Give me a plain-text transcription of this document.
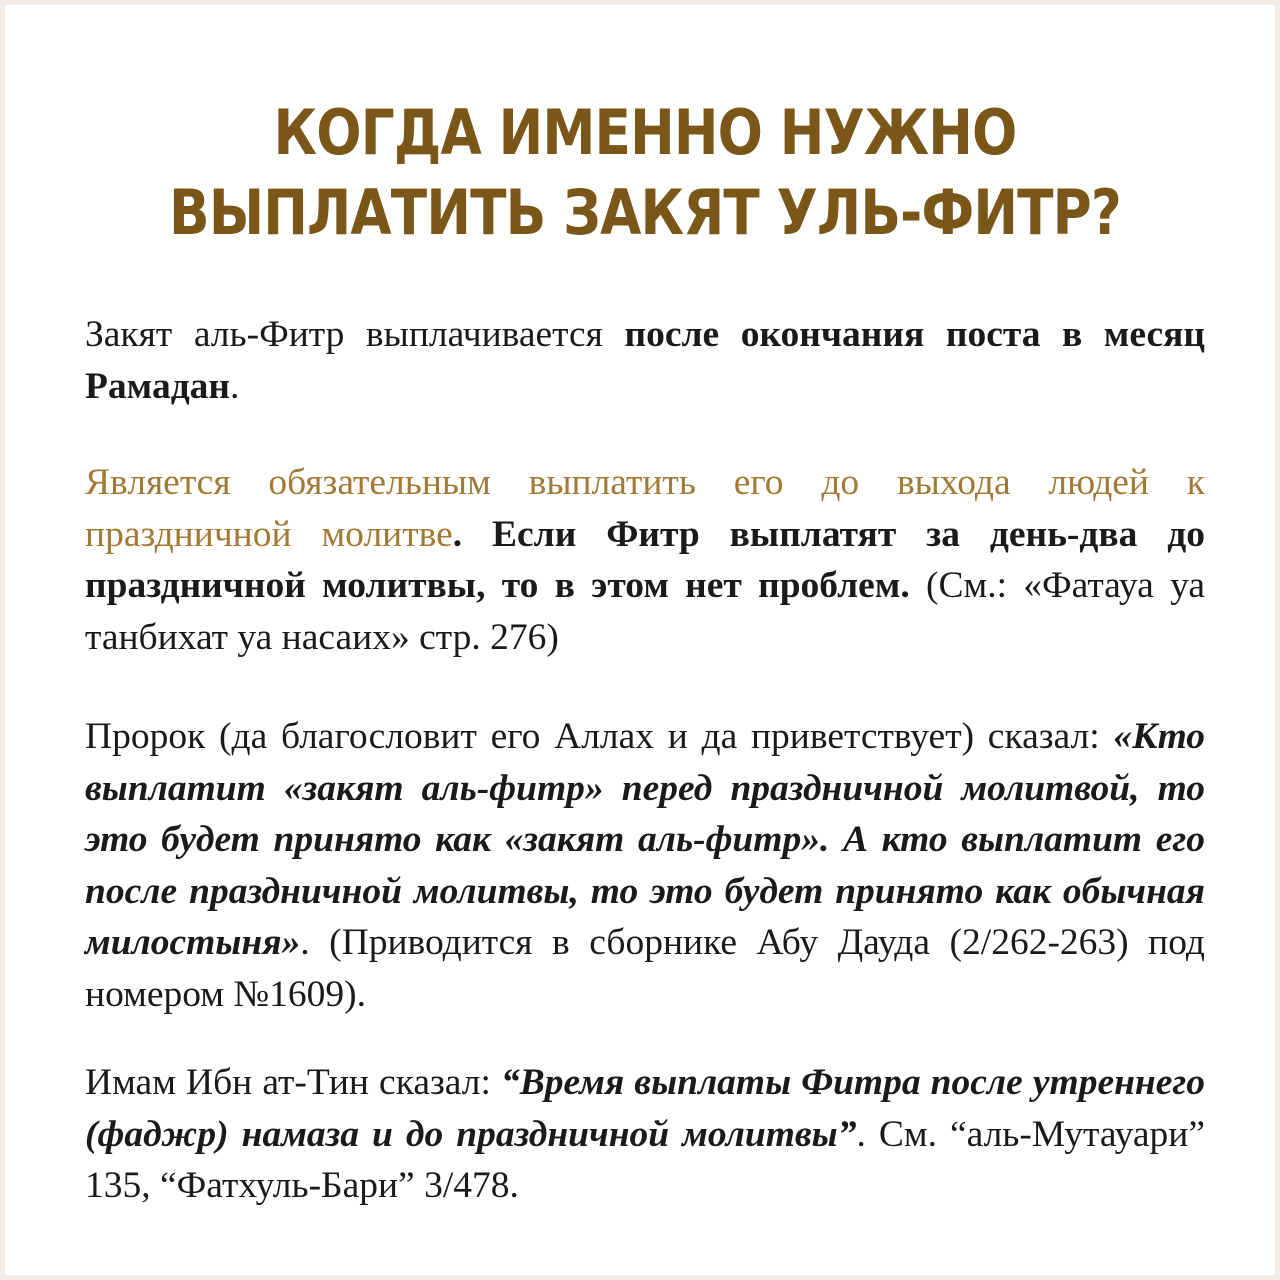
КОГДА ИМЕННО НУЖНО
ВЫПЛАТИТЬ ЗАКЯТ УЛЬ-ФИТР?

Закят аль-Фитр выплачивается после окончания поста в месяц Рамадан.

Является обязательным выплатить его до выхода людей к праздничной молитве. Если Фитр выплатят за день-два до праздничной молитвы, то в этом нет проблем. (См.: «Фатауа уа танбихат уа насаих» стр. 276)

Пророк (да благословит его Аллах и да приветствует) сказал: «Кто выплатит «закят аль-фитр» перед праздничной молитвой, то это будет принято как «закят аль-фитр». А кто выплатит его после праздничной молитвы, то это будет принято как обычная милостыня». (Приводится в сборнике Абу Дауда (2/262-263) под номером №1609).

Имам Ибн ат-Тин сказал: “Время выплаты Фитра после утреннего (фаджр) намаза и до праздничной молитвы”. См. “аль-Мутауари” 135, “Фатхуль-Бари” 3/478.
